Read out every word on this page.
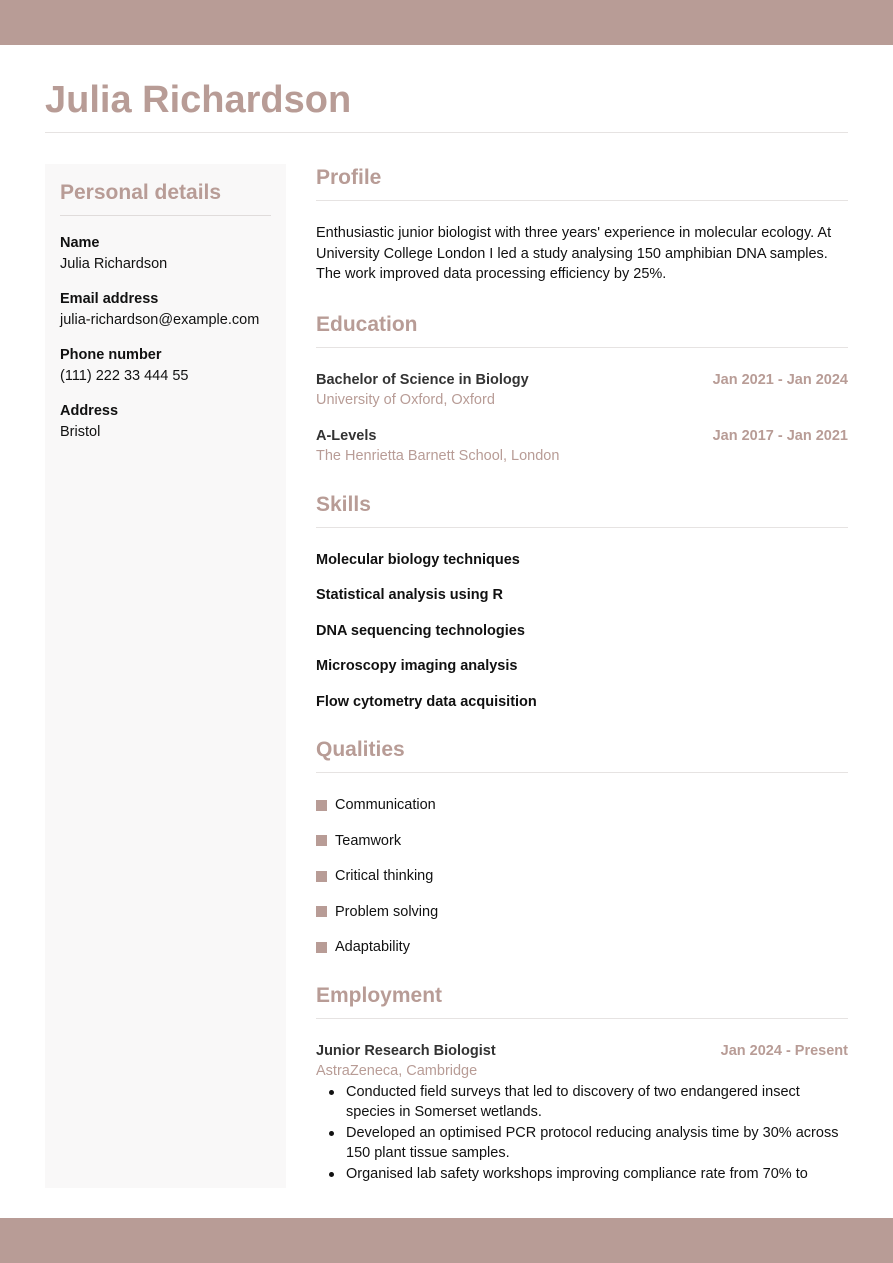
Julia Richardson
Personal details
Name
Julia Richardson
Email address
julia-richardson@example.com
Phone number
(111) 222 33 444 55
Address
Bristol
Profile

Enthusiastic junior biologist with three years' experience in molecular ecology. At University College London I led a study analysing 150 amphibian DNA samples. The work improved data processing efficiency by 25%.

Education
Bachelor of Science in Biology	Jan 2021 - Jan 2024
University of Oxford, Oxford
A-Levels	Jan 2017 - Jan 2021
The Henrietta Barnett School, London
Skills
Molecular biology techniques
Statistical analysis using R
DNA sequencing technologies
Microscopy imaging analysis
Flow cytometry data acquisition
Qualities
Communication
Teamwork
Critical thinking
Problem solving
Adaptability
Employment
Junior Research Biologist	Jan 2024 - Present
AstraZeneca, Cambridge
Conducted field surveys that led to discovery of two endangered insect species in Somerset wetlands.
Developed an optimised PCR protocol reducing analysis time by 30% across 150 plant tissue samples.
Organised lab safety workshops improving compliance rate from 70% to
